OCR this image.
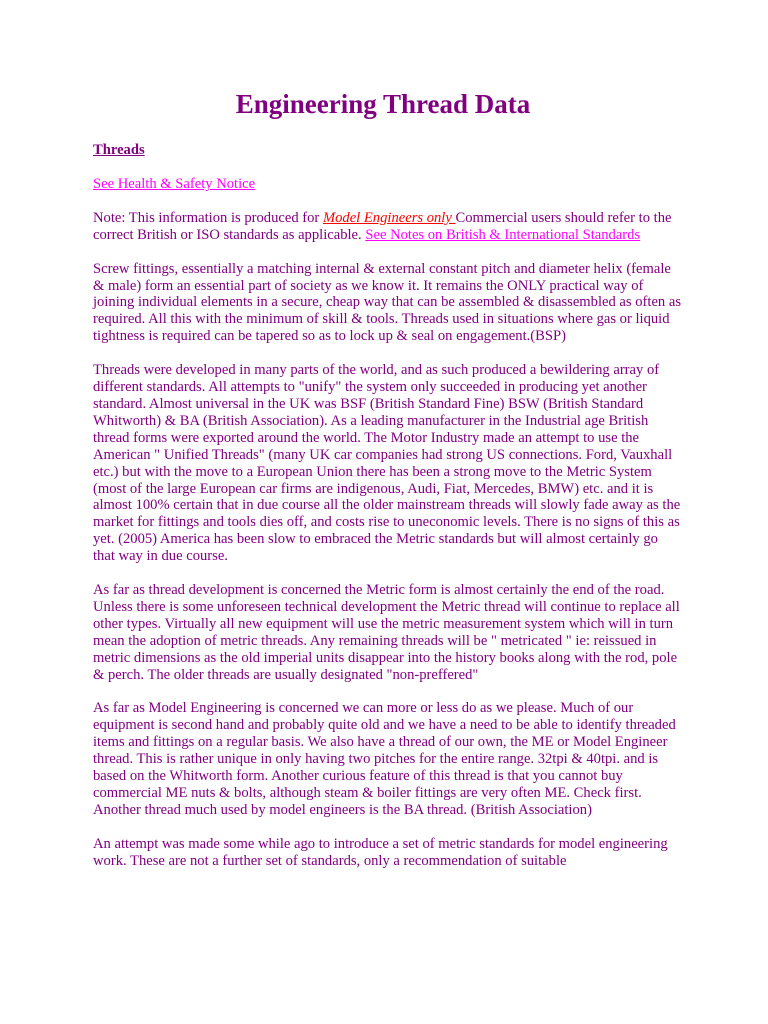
Engineering Thread Data
Threads

See Health & Safety Notice

Note: This information is produced for Model Engineers only Commercial users should refer to the correct British or ISO standards as applicable. See Notes on British & International Standards

Screw fittings, essentially a matching internal & external constant pitch and diameter helix (female & male) form an essential part of society as we know it. It remains the ONLY practical way of joining individual elements in a secure, cheap way that can be assembled & disassembled as often as required. All this with the minimum of skill & tools. Threads used in situations where gas or liquid tightness is required can be tapered so as to lock up & seal on engagement.(BSP)

Threads were developed in many parts of the world, and as such produced a bewildering array of different standards. All attempts to "unify" the system only succeeded in producing yet another standard. Almost universal in the UK was BSF (British Standard Fine) BSW (British Standard Whitworth) & BA (British Association). As a leading manufacturer in the Industrial age British thread forms were exported around the world. The Motor Industry made an attempt to use the American " Unified Threads" (many UK car companies had strong US connections. Ford, Vauxhall etc.) but with the move to a European Union there has been a strong move to the Metric System (most of the large European car firms are indigenous, Audi, Fiat, Mercedes, BMW) etc. and it is almost 100% certain that in due course all the older mainstream threads will slowly fade away as the market for fittings and tools dies off, and costs rise to uneconomic levels. There is no signs of this as yet. (2005) America has been slow to embraced the Metric standards but will almost certainly go that way in due course.

As far as thread development is concerned the Metric form is almost certainly the end of the road. Unless there is some unforeseen technical development the Metric thread will continue to replace all other types. Virtually all new equipment will use the metric measurement system which will in turn mean the adoption of metric threads. Any remaining threads will be " metricated " ie: reissued in metric dimensions as the old imperial units disappear into the history books along with the rod, pole & perch. The older threads are usually designated "non-preffered"

As far as Model Engineering is concerned we can more or less do as we please. Much of our equipment is second hand and probably quite old and we have a need to be able to identify threaded items and fittings on a regular basis. We also have a thread of our own, the ME or Model Engineer thread. This is rather unique in only having two pitches for the entire range. 32tpi & 40tpi. and is based on the Whitworth form. Another curious feature of this thread is that you cannot buy commercial ME nuts & bolts, although steam & boiler fittings are very often ME. Check first. Another thread much used by model engineers is the BA thread. (British Association)

An attempt was made some while ago to introduce a set of metric standards for model engineering work. These are not a further set of standards, only a recommendation of suitable
